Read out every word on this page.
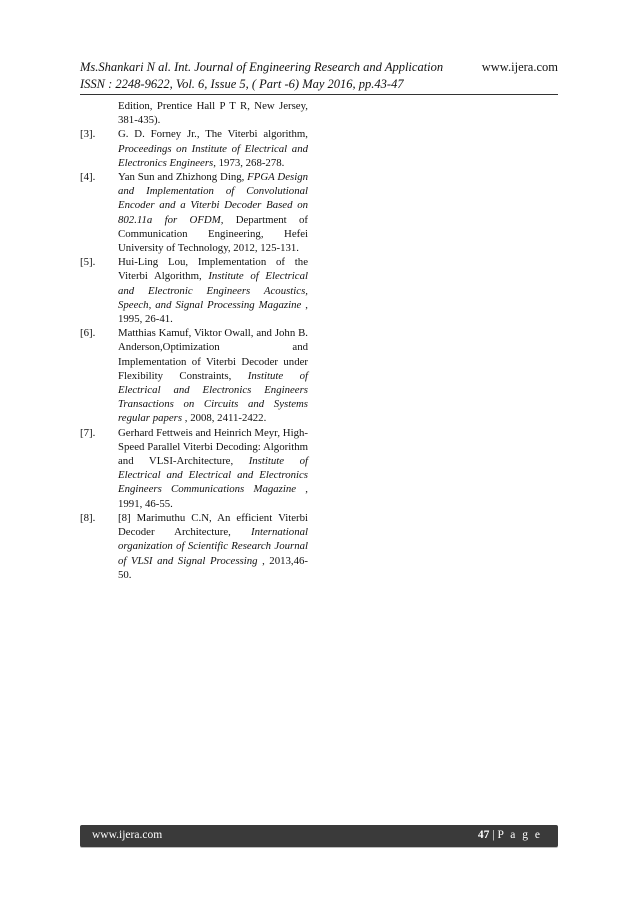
Ms.Shankari N al. Int. Journal of Engineering Research and Application	www.ijera.com
ISSN : 2248-9622, Vol. 6, Issue 5, ( Part -6) May 2016, pp.43-47
Edition, Prentice Hall P T R, New Jersey, 381-435).
[3].	G. D. Forney Jr., The Viterbi algorithm, Proceedings on Institute of Electrical and Electronics Engineers, 1973, 268-278.
[4].	Yan Sun and Zhizhong Ding, FPGA Design and Implementation of Convolutional Encoder and a Viterbi Decoder Based on 802.11a for OFDM, Department of Communication Engineering, Hefei University of Technology, 2012, 125-131.
[5].	Hui-Ling Lou, Implementation of the Viterbi Algorithm, Institute of Electrical and Electronic Engineers Acoustics, Speech, and Signal Processing Magazine , 1995, 26-41.
[6].	Matthias Kamuf, Viktor Owall, and John B. Anderson,Optimization and Implementation of Viterbi Decoder under Flexibility Constraints, Institute of Electrical and Electronics Engineers Transactions on Circuits and Systems regular papers , 2008, 2411-2422.
[7].	Gerhard Fettweis and Heinrich Meyr, High-Speed Parallel Viterbi Decoding: Algorithm and VLSI-Architecture, Institute of Electrical and Electrical and Electronics Engineers Communications Magazine , 1991, 46-55.
[8].	[8] Marimuthu C.N, An efficient Viterbi Decoder Architecture, International organization of Scientific Research Journal of VLSI and Signal Processing , 2013,46-50.
www.ijera.com	47 | P a g e
